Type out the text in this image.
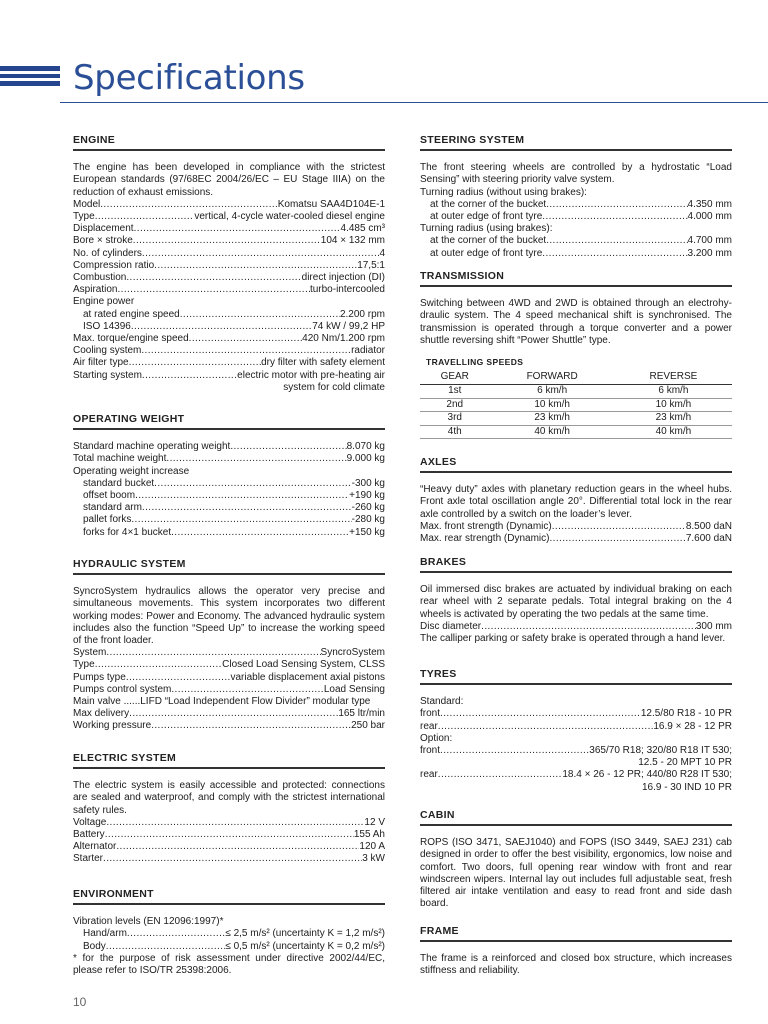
Specifications
ENGINE

The engine has been developed in compliance with the strictest European standards (97/68EC 2004/26/EC – EU Stage IIIA) on the reduction of exhaust emissions.

Model .....	Komatsu SAA4D104E-1
Type .....	vertical, 4-cycle water-cooled diesel engine
Displacement .....	4.485 cm³
Bore × stroke .....	104 × 132 mm
No. of cylinders .....	4
Compression ratio .....	17,5:1
Combustion .....	direct injection (DI)
Aspiration .....	turbo-intercooled
Engine power
at rated engine speed .....	2.200 rpm
ISO 14396 .....	74 kW / 99,2 HP
Max. torque/engine speed .....	420 Nm/1.200 rpm
Cooling system .....	radiator
Air filter type .....	dry filter with safety element
Starting system .....	electric motor with pre-heating air
system for cold climate
OPERATING WEIGHT
Standard machine operating weight .....	8.070 kg
Total machine weight .....	9.000 kg
Operating weight increase
standard bucket .....	-300 kg
offset boom .....	+190 kg
standard arm .....	-260 kg
pallet forks .....	-280 kg
forks for 4×1 bucket .....	+150 kg
HYDRAULIC SYSTEM

SyncroSystem hydraulics allows the operator very precise and simultaneous movements. This system incorporates two different working modes: Power and Economy. The advanced hydraulic system includes also the function “Speed Up” to increase the working speed of the front loader.

System .....	SyncroSystem
Type .....	Closed Load Sensing System, CLSS
Pumps type .....	variable displacement axial pistons
Pumps control system .....	Load Sensing
Main valve ......LIFD “Load Independent Flow Divider” modular type
Max delivery .....	165 ltr/min
Working pressure .....	250 bar
ELECTRIC SYSTEM

The electric system is easily accessible and protected: connections are sealed and waterproof, and comply with the strictest international safety rules.

Voltage .....	12 V
Battery .....	155 Ah
Alternator .....	120 A
Starter .....	3 kW
ENVIRONMENT
Vibration levels (EN 12096:1997)*
Hand/arm .....	≤ 2,5 m/s² (uncertainty K = 1,2 m/s²)
Body .....	≤ 0,5 m/s² (uncertainty K = 0,2 m/s²)

* for the purpose of risk assessment under directive 2002/44/EC, please refer to ISO/TR 25398:2006.

STEERING SYSTEM

The front steering wheels are controlled by a hydrostatic “Load Sensing” with steering priority valve system.

Turning radius (without using brakes):
at the corner of the bucket .....	4.350 mm
at outer edge of front tyre .....	4.000 mm
Turning radius (using brakes):
at the corner of the bucket .....	4.700 mm
at outer edge of front tyre .....	3.200 mm
TRANSMISSION

Switching between 4WD and 2WD is obtained through an electrohy-draulic system. The 4 speed mechanical shift is synchronised. The transmission is operated through a torque converter and a power shuttle reversing shift “Power Shuttle” type.

TRAVELLING SPEEDS
GEAR	FORWARD	REVERSE
1st	6 km/h	6 km/h
2nd	10 km/h	10 km/h
3rd	23 km/h	23 km/h
4th	40 km/h	40 km/h
AXLES

“Heavy duty” axles with planetary reduction gears in the wheel hubs. Front axle total oscillation angle 20°. Differential total lock in the rear axle controlled by a switch on the loader’s lever.

Max. front strength (Dynamic) .....	8.500 daN
Max. rear strength (Dynamic) .....	7.600 daN
BRAKES

Oil immersed disc brakes are actuated by individual braking on each rear wheel with 2 separate pedals. Total integral braking on the 4 wheels is activated by operating the two pedals at the same time.

Disc diameter .....	300 mm

The calliper parking or safety brake is operated through a hand lever.

TYRES
Standard:
front .....	12.5/80 R18 - 10 PR
rear .....	16.9 × 28 - 12 PR
Option:
front .....	365/70 R18; 320/80 R18 IT 530;
12.5 - 20 MPT 10 PR
rear .....	18.4 × 26 - 12 PR; 440/80 R28 IT 530;
16.9 - 30 IND 10 PR
CABIN

ROPS (ISO 3471, SAEJ1040) and FOPS (ISO 3449, SAEJ 231) cab designed in order to offer the best visibility, ergonomics, low noise and comfort. Two doors, full opening rear window with front and rear windscreen wipers. Internal lay out includes full adjustable seat, fresh filtered air intake ventilation and easy to read front and side dash board.

FRAME

The frame is a reinforced and closed box structure, which increases stiffness and reliability.

10
